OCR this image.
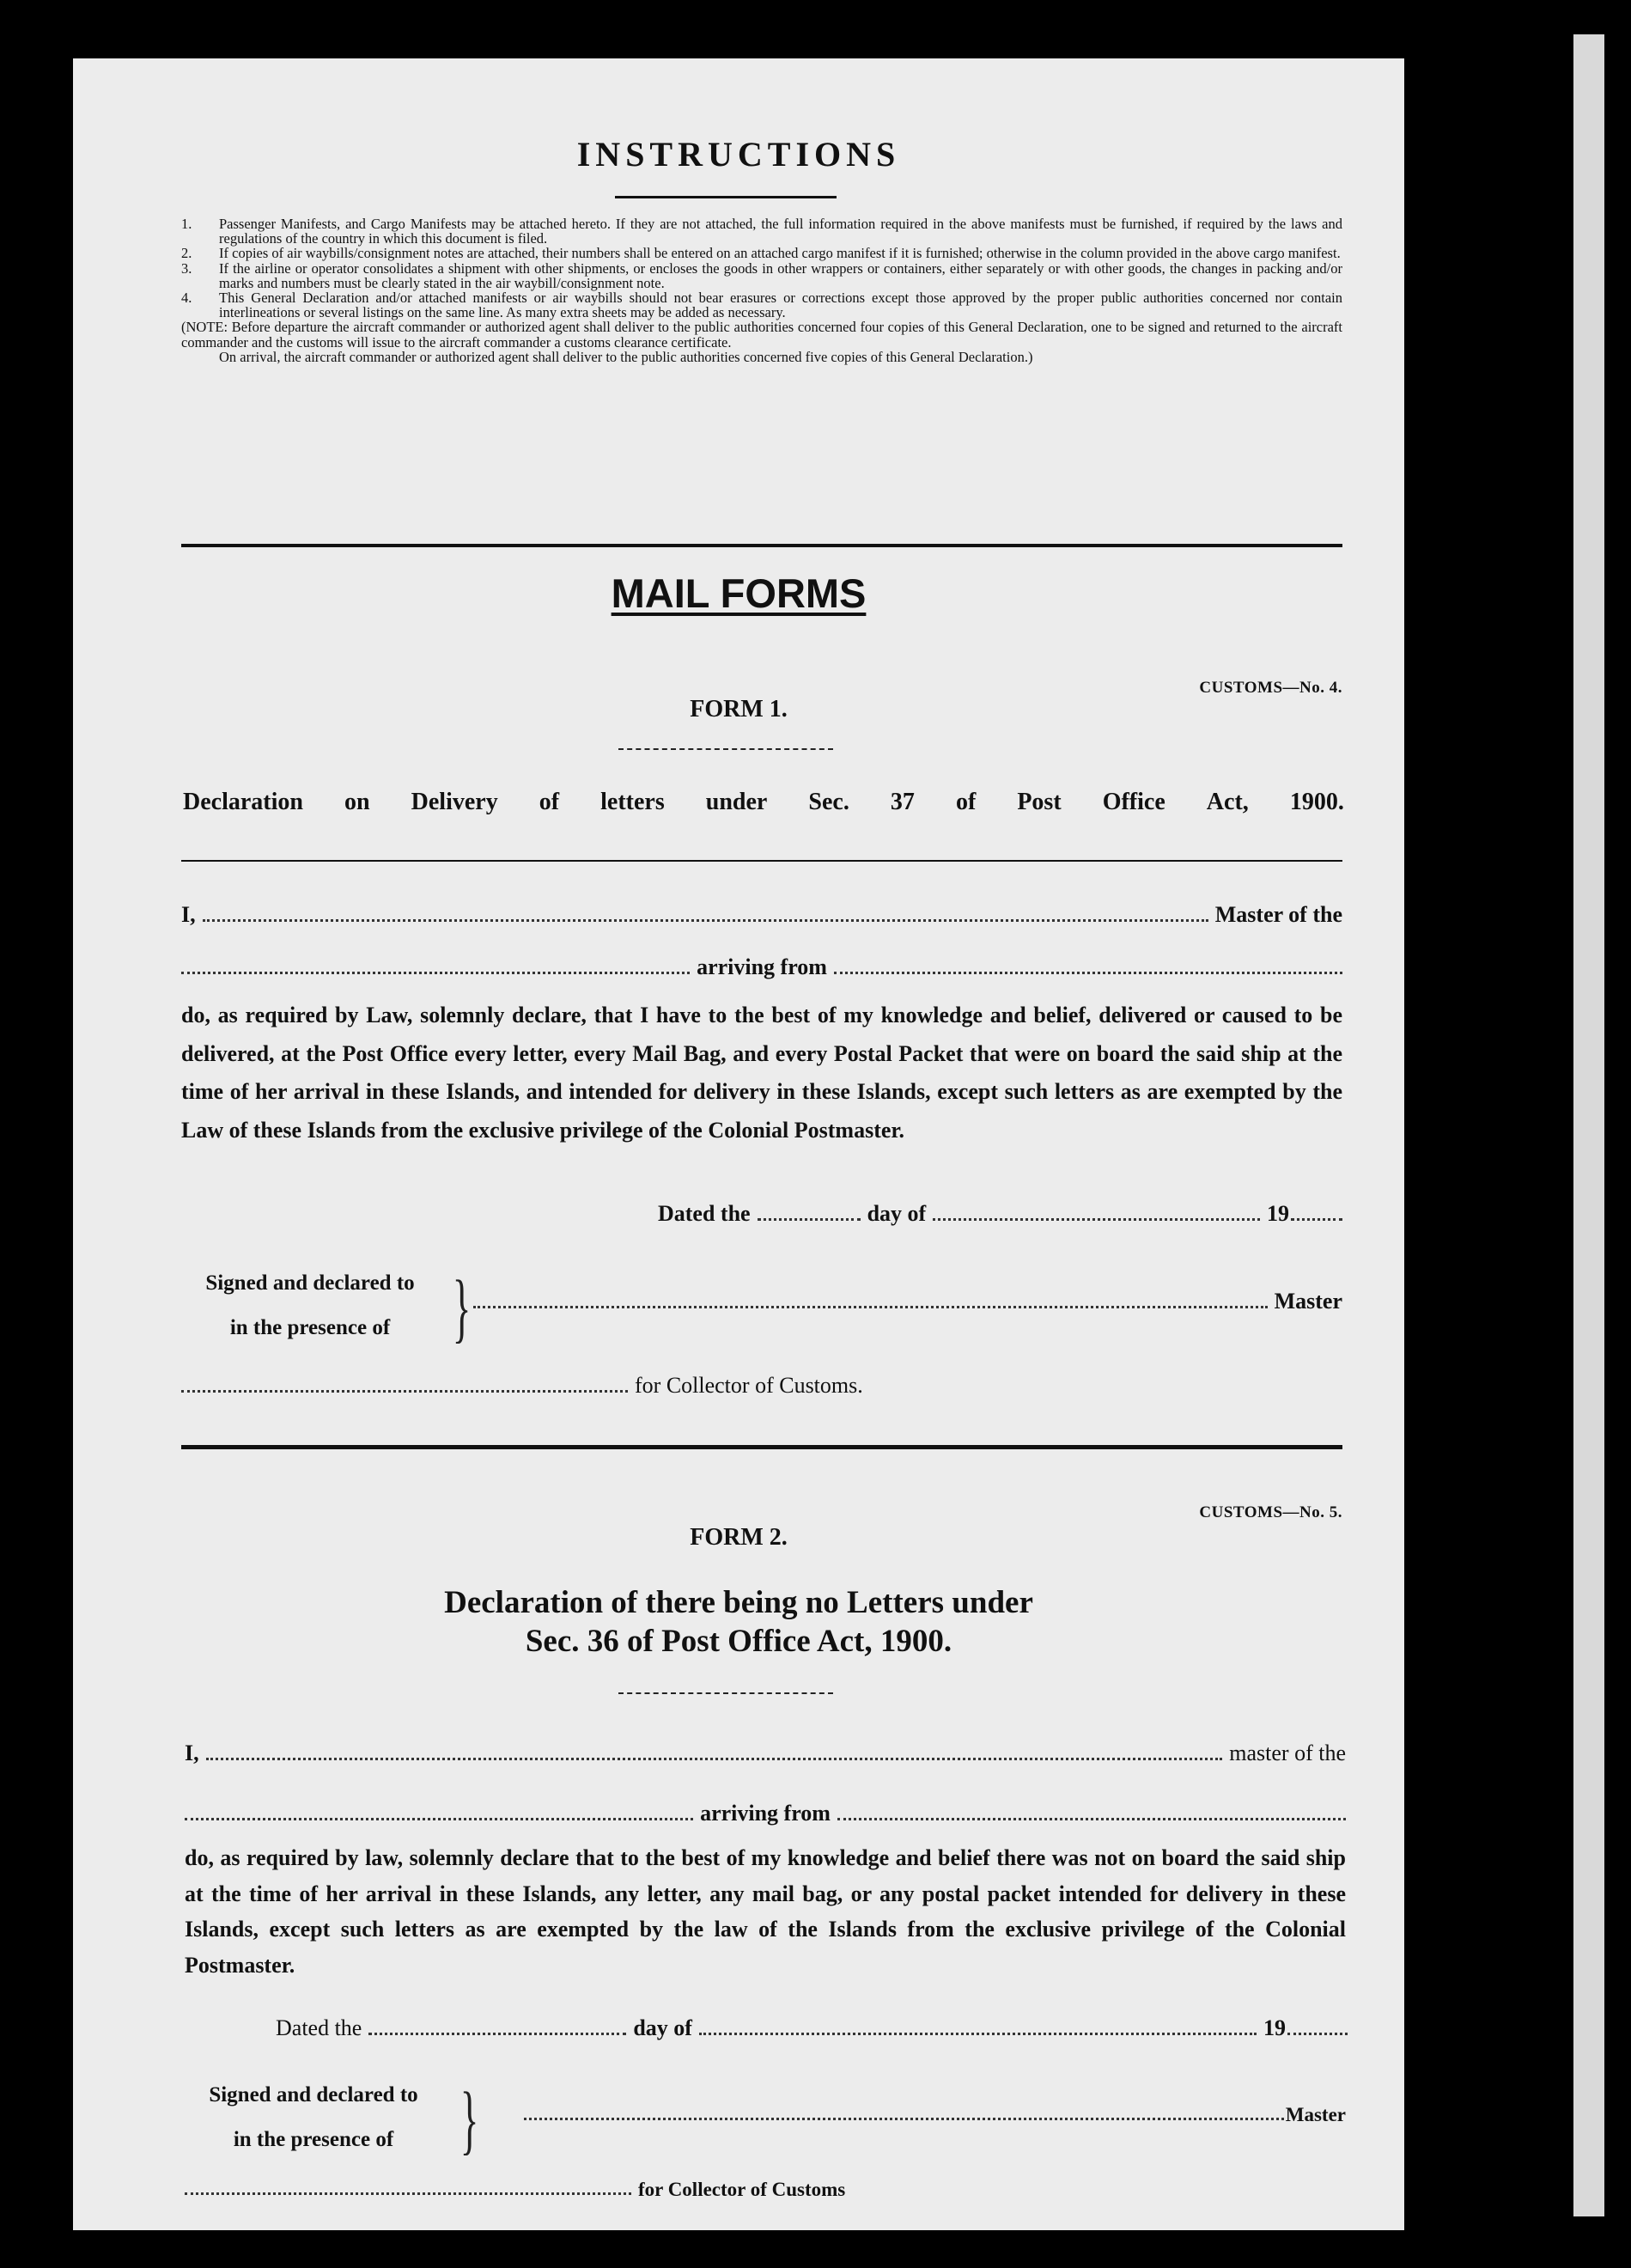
INSTRUCTIONS
1.	Passenger Manifests, and Cargo Manifests may be attached hereto. If they are not attached, the full information required in the above manifests must be furnished, if required by the laws and regulations of the country in which this document is filed.
2.	If copies of air waybills/consignment notes are attached, their numbers shall be entered on an attached cargo manifest if it is furnished; otherwise in the column provided in the above cargo manifest.
3.	If the airline or operator consolidates a shipment with other shipments, or encloses the goods in other wrappers or containers, either separately or with other goods, the changes in packing and/or marks and numbers must be clearly stated in the air waybill/consignment note.
4.	This General Declaration and/or attached manifests or air waybills should not bear erasures or corrections except those approved by the proper public authorities concerned nor contain interlineations or several listings on the same line. As many extra sheets may be added as necessary.
(NOTE: Before departure the aircraft commander or authorized agent shall deliver to the public authorities concerned four copies of this General Declaration, one to be signed and returned to the aircraft commander and the customs will issue to the aircraft commander a customs clearance certificate.
On arrival, the aircraft commander or authorized agent shall deliver to the public authorities concerned five copies of this General Declaration.)
MAIL FORMS
CUSTOMS—No. 4.
FORM 1.
Declaration on Delivery of letters under Sec. 37 of Post Office Act, 1900.
I,	Master of the
arriving from
do, as required by Law, solemnly declare, that I have to the best of my knowledge and belief, delivered or caused to be delivered, at the Post Office every letter, every Mail Bag, and every Postal Packet that were on board the said ship at the time of her arrival in these Islands, and intended for delivery in these Islands, except such letters as are exempted by the Law of these Islands from the exclusive privilege of the Colonial Postmaster.
Dated the	day of	19
Signed and declared to
in the presence of }	Master
for Collector of Customs.
CUSTOMS—No. 5.
FORM 2.
Declaration of there being no Letters under
Sec. 36 of Post Office Act, 1900.
I,	master of the
arriving from
do, as required by law, solemnly declare that to the best of my knowledge and belief there was not on board the said ship at the time of her arrival in these Islands, any letter, any mail bag, or any postal packet intended for delivery in these Islands, except such letters as are exempted by the law of the Islands from the exclusive privilege of the Colonial Postmaster.
Dated the	day of	19
Signed and declared to
in the presence of }	Master
for Collector of Customs
